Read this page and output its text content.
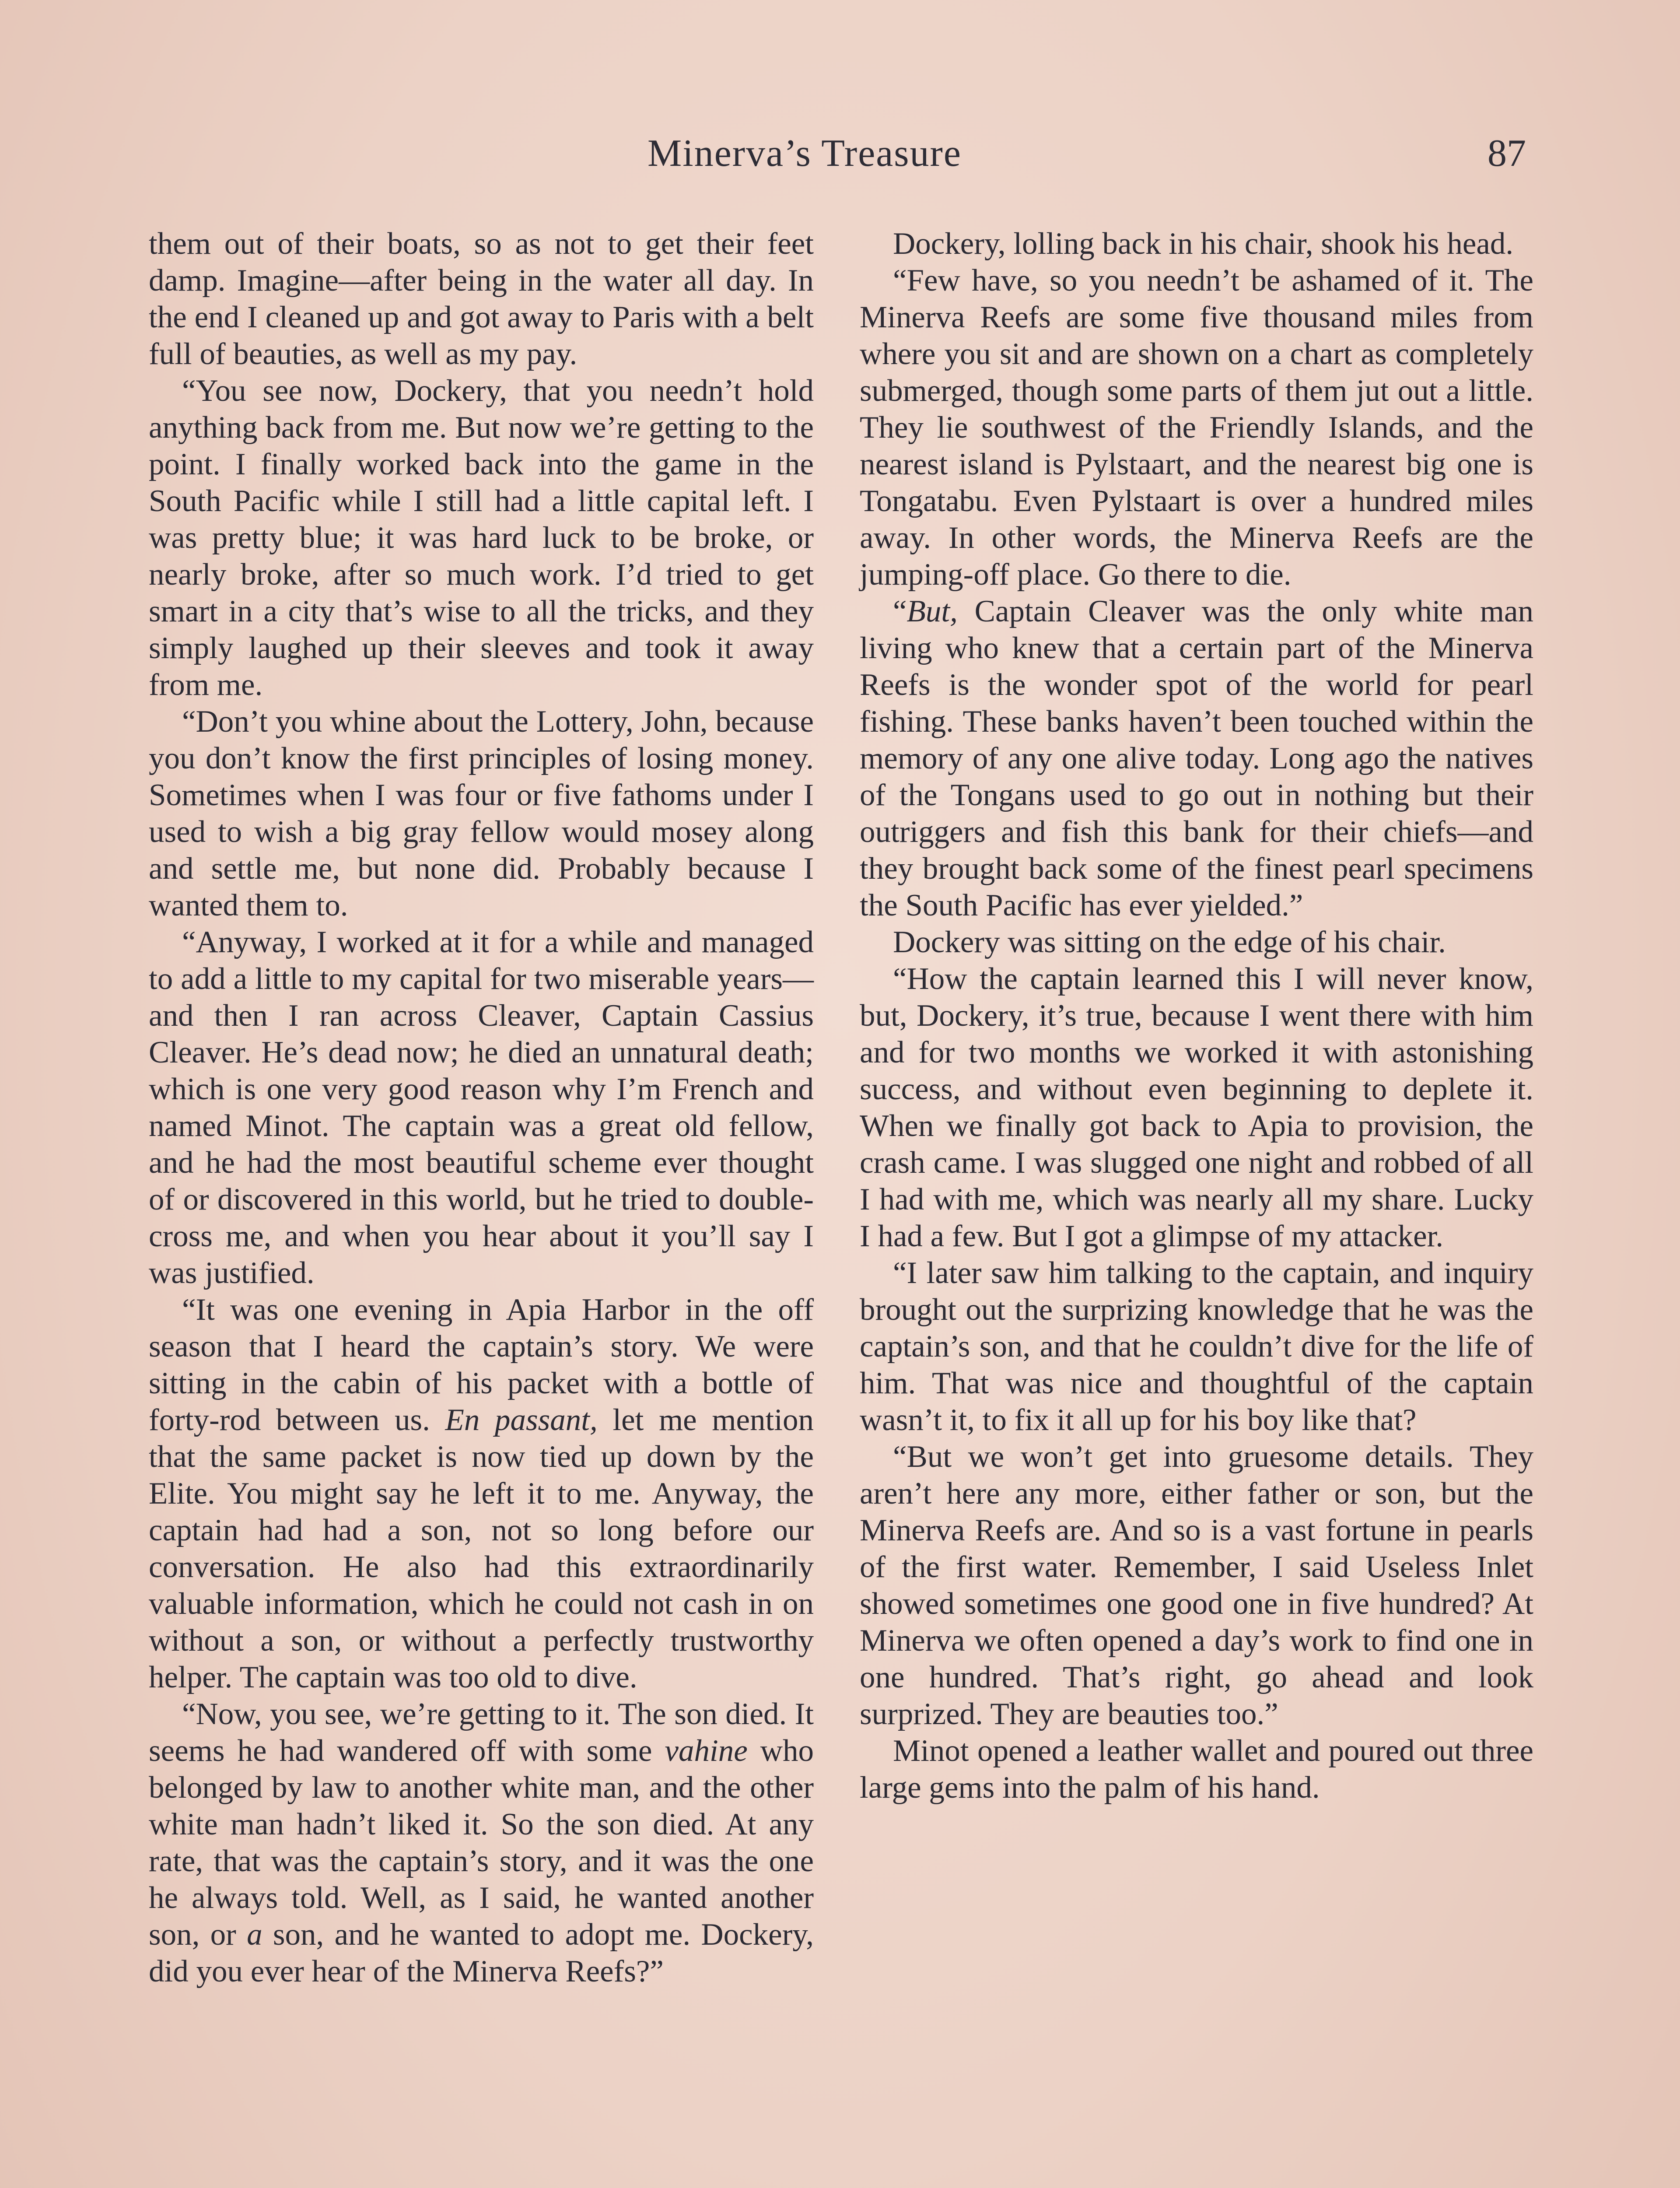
Minerva’s Treasure	87

them out of their boats, so as not to get their feet damp. Imagine—after being in the water all day. In the end I cleaned up and got away to Paris with a belt full of beauties, as well as my pay.

“You see now, Dockery, that you needn’t hold anything back from me. But now we’re getting to the point. I finally worked back into the game in the South Pacific while I still had a little capital left. I was pretty blue; it was hard luck to be broke, or nearly broke, after so much work. I’d tried to get smart in a city that’s wise to all the tricks, and they simply laughed up their sleeves and took it away from me.

“Don’t you whine about the Lottery, John, because you don’t know the first principles of losing money. Sometimes when I was four or five fathoms under I used to wish a big gray fellow would mosey along and settle me, but none did. Probably because I wanted them to.

“Anyway, I worked at it for a while and managed to add a little to my capital for two miserable years—and then I ran across Cleaver, Captain Cassius Cleaver. He’s dead now; he died an unnatural death; which is one very good reason why I’m French and named Minot. The captain was a great old fellow, and he had the most beautiful scheme ever thought of or discovered in this world, but he tried to double-cross me, and when you hear about it you’ll say I was justified.

“It was one evening in Apia Harbor in the off season that I heard the captain’s story. We were sitting in the cabin of his packet with a bottle of forty-rod between us. En passant, let me mention that the same packet is now tied up down by the Elite. You might say he left it to me. Anyway, the captain had had a son, not so long before our conversation. He also had this extraordinarily valuable information, which he could not cash in on without a son, or without a perfectly trustworthy helper. The captain was too old to dive.

“Now, you see, we’re getting to it. The son died. It seems he had wandered off with some vahine who belonged by law to another white man, and the other white man hadn’t liked it. So the son died. At any rate, that was the captain’s story, and it was the one he always told. Well, as I said, he wanted another son, or a son, and he wanted to adopt me. Dockery, did you ever hear of the Minerva Reefs?”

Dockery, lolling back in his chair, shook his head.

“Few have, so you needn’t be ashamed of it. The Minerva Reefs are some five thousand miles from where you sit and are shown on a chart as completely submerged, though some parts of them jut out a little. They lie southwest of the Friendly Islands, and the nearest island is Pylstaart, and the nearest big one is Tongatabu. Even Pylstaart is over a hundred miles away. In other words, the Minerva Reefs are the jumping-off place. Go there to die.

“But, Captain Cleaver was the only white man living who knew that a certain part of the Minerva Reefs is the wonder spot of the world for pearl fishing. These banks haven’t been touched within the memory of any one alive today. Long ago the natives of the Tongans used to go out in nothing but their outriggers and fish this bank for their chiefs—and they brought back some of the finest pearl specimens the South Pacific has ever yielded.”

Dockery was sitting on the edge of his chair.

“How the captain learned this I will never know, but, Dockery, it’s true, because I went there with him and for two months we worked it with astonishing success, and without even beginning to deplete it. When we finally got back to Apia to provision, the crash came. I was slugged one night and robbed of all I had with me, which was nearly all my share. Lucky I had a few. But I got a glimpse of my attacker.

“I later saw him talking to the captain, and inquiry brought out the surprizing knowledge that he was the captain’s son, and that he couldn’t dive for the life of him. That was nice and thoughtful of the captain wasn’t it, to fix it all up for his boy like that?

“But we won’t get into gruesome details. They aren’t here any more, either father or son, but the Minerva Reefs are. And so is a vast fortune in pearls of the first water. Remember, I said Useless Inlet showed sometimes one good one in five hundred? At Minerva we often opened a day’s work to find one in one hundred. That’s right, go ahead and look surprized. They are beauties too.”

Minot opened a leather wallet and poured out three large gems into the palm of his hand.
